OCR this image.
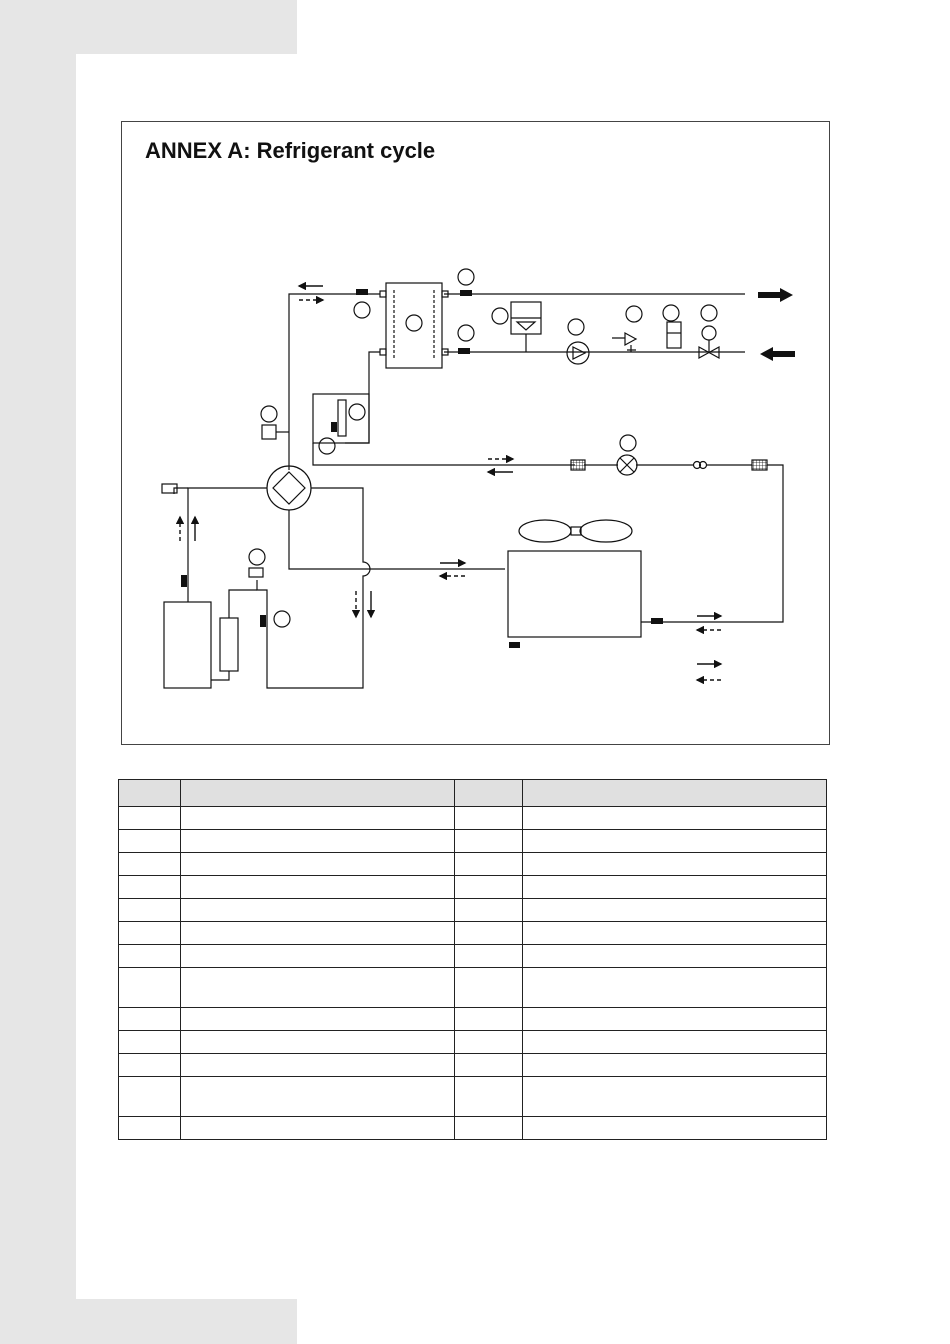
ANNEX A: Refrigerant cycle
